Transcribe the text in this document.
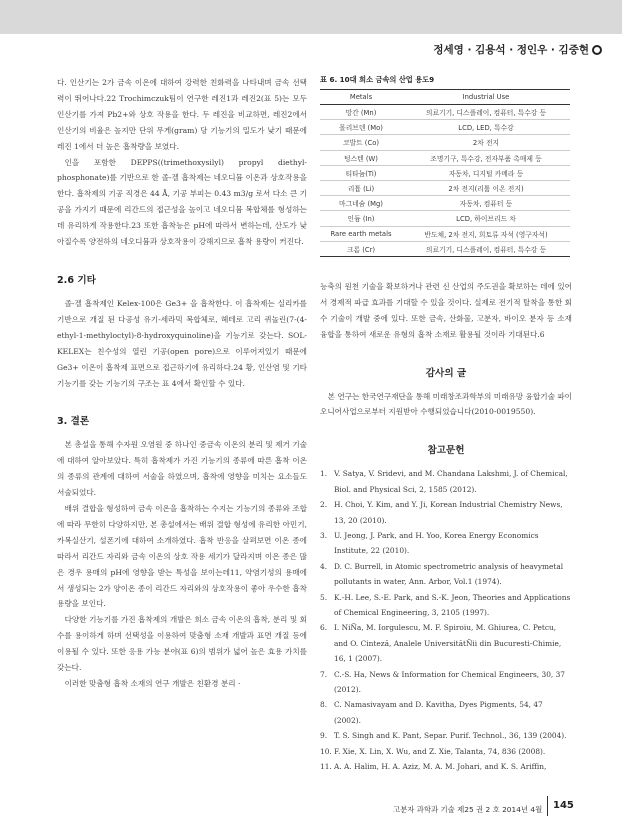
정세영 · 김용석 · 정인우 · 김중현

다. 인산기는 2가 금속 이온에 대하여 강력한 친화력을 나타내며 금속 선택력이 뛰어나다.22 Trochimczuk팀이 연구한 레진1과 레진2(표 5)는 모두 인산기를 가져 Pb2+와 상호 작용을 한다. 두 레진을 비교하면, 레진2에서 인산기의 비율은 높지만 단위 무게(gram) 당 기능기의 밀도가 낮기 때문에 레진 1에서 더 높은 흡착량을 보였다.

인을 포함한 DEPPS((trimethoxysilyl) propyl diethyl-phosphonate)를 기반으로 한 졸-겔 흡착제는 네오디뮴 이온과 상호작용을 한다. 흡착제의 기공 직경은 44 Å, 기공 부피는 0.43 m3/g 로서 다소 큰 기공을 가지기 때문에 리간드의 접근성을 높이고 네오디뮴 복합체를 형성하는데 유리하게 작용한다.23 또한 흡착능은 pH에 따라서 변하는데, 산도가 낮아질수록 양전하의 네오디뮴과 상호작용이 강해지므로 흡착 용량이 커진다.

2.6 기타

졸-겔 흡착제인 Kelex-100은 Ge3+ 을 흡착한다. 이 흡착제는 실리카를 기반으로 개질 된 다공성 유기-세라믹 복합체로, 헤테로 고리 퀴놀린(7-(4-ethyl-1-methyloctyl)-8-hydroxyquinoline)을 기능기로 갖는다. SOL-KELEX는 친수성의 열린 기공(open pore)으로 이루어져있기 때문에 Ge3+ 이온이 흡착제 표면으로 접근하기에 유리하다.24 황, 인산염 및 기타 기능기를 갖는 기능기의 구조는 표 4에서 확인할 수 있다.

3. 결론

본 총설을 통해 수자원 오염원 중 하나인 중금속 이온의 분리 및 제거 기술에 대하여 알아보았다. 특히 흡착제가 가진 기능기의 종류에 따른 흡착 이온의 종류의 관계에 대하여 서술을 하였으며, 흡착에 영향을 미치는 요소들도 서술되었다.

배위 결합을 형성하여 금속 이온을 흡착하는 수지는 기능기의 종류와 조합에 따라 무한히 다양하지만, 본 총설에서는 배위 결합 형성에 유리한 아민기, 카복실산기, 설폰기에 대하여 소개하였다. 흡착 반응을 살펴보면 이온 종에 따라서 리간드 자리와 금속 이온의 상호 작용 세기가 달라지며 이온 종은 많은 경우 용매의 pH에 영향을 받는 특성을 보이는데11, 약염기성의 용매에서 생성되는 2가 양이온 종이 리간드 자리와의 상호작용이 좋아 우수한 흡착 용량을 보인다.

다양한 기능기를 가진 흡착제의 개발은 희소 금속 이온의 흡착, 분리 및 회수를 용이하게 하며 선택성을 이용하여 맞춤형 소재 개발과 표면 개질 등에 이용될 수 있다. 또한 응용 가능 분야(표 6)의 범위가 넓어 높은 효용 가치를 갖는다.

이러한 맞춤형 흡착 소재의 연구 개발은 친환경 분리 ·

표 6. 10대 희소 금속의 산업 용도9

Metals	Industrial Use
망간 (Mn)	의료기기, 디스플레이, 컴퓨터, 특수강 등
몰리브덴 (Mo)	LCD, LED, 특수강
코발트 (Co)	2차 전지
텅스텐 (W)	조명기구, 특수강, 전자부품 촉매제 등
티타늄(Ti)	자동차, 디지털 카메라 등
리튬 (Li)	2차 전지(리튬 이온 전지)
마그네슘 (Mg)	자동차, 컴퓨터 등
인듐 (In)	LCD, 하이브리드 차
Rare earth metals	반도체, 2차 전지, 희토류 자석 (영구자석)
크롬 (Cr)	의료기기, 디스플레이, 컴퓨터, 특수강 등

능축의 원천 기술을 확보하거나 관련 신 산업의 주도권을 확보하는 데에 있어서 경제적 파급 효과를 기대할 수 있을 것이다. 실제로 전기적 탈착을 통한 회수 기술이 개발 중에 있다. 또한 금속, 산화물, 고분자, 바이오 분자 등 소재 융합을 통하여 새로운 유형의 흡착 소재로 활용될 것이라 기대된다.6

감사의 글

본 연구는 한국연구재단을 통해 미래창조과학부의 미래유망 융합기술 파이오니어사업으로부터 지원받아 수행되었습니다(2010-0019550).

참고문헌

1. V. Satya, V. Sridevi, and M. Chandana Lakshmi, J. of Chemical, Biol. and Physical Sci, 2, 1585 (2012).
2. H. Choi, Y. Kim, and Y. Ji, Korean Industrial Chemistry News, 13, 20 (2010).
3. U. Jeong, J. Park, and H. Yoo, Korea Energy Economics Institute, 22 (2010).
4. D. C. Burrell, in Atomic spectrometric analysis of heavymetal pollutants in water, Ann. Arbor, Vol.1 (1974).
5. K.-H. Lee, S.-E. Park, and S.-K. Jeon, Theories and Applications of Chemical Engineering, 3, 2105 (1997).
6. I. NiÑa, M. Iorgulescu, M. F. Spiroiu, M. Ghiurea, C. Petcu, and O. Cinteză, Analele UniversitătÑii din Bucuresti-Chimie, 16, 1 (2007).
7. C.-S. Ha, News & Information for Chemical Engineers, 30, 37 (2012).
8. C. Namasivayam and D. Kavitha, Dyes Pigments, 54, 47 (2002).
9. T. S. Singh and K. Pant, Separ. Purif. Technol., 36, 139 (2004).
10. F. Xie, X. Lin, X. Wu, and Z. Xie, Talanta, 74, 836 (2008).
11. A. A. Halim, H. A. Aziz, M. A. M. Johari, and K. S. Ariffin,
고분자 과학과 기술 제25 권 2 호 2014년 4월 145
